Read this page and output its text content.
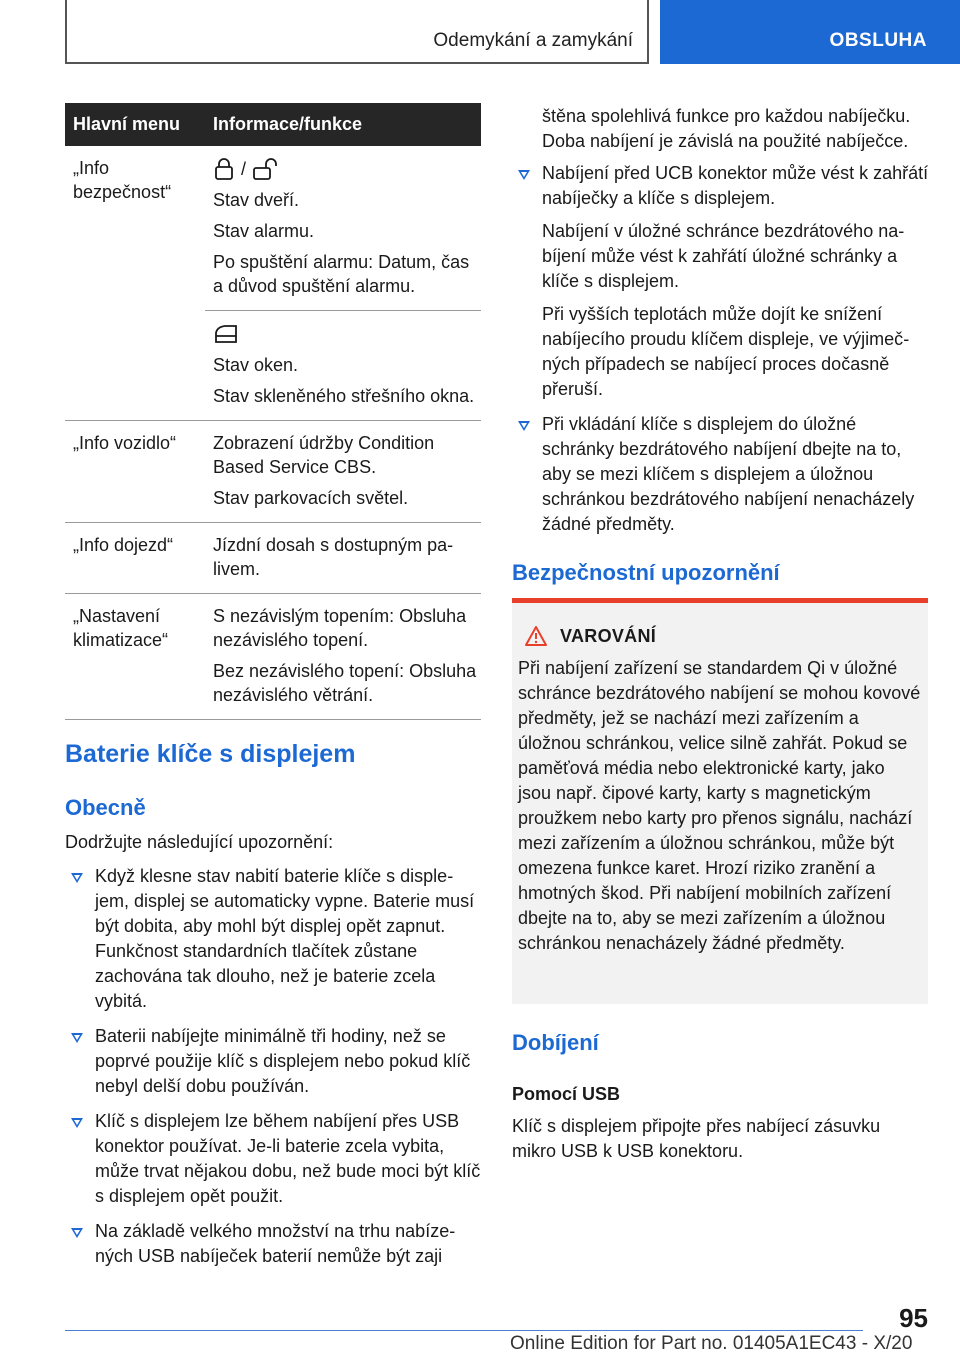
Odemykání a zamykání	OBSLUHA
Hlavní menu	Informace/funkce
„Info bezpečnost“	/

Stav dveří.

Stav alarmu.

Po spuštění alarmu: Datum, čas a důvod spuštění alarmu.

	Stav oken.

Stav skleněného střešního okna.

„Info vozidlo“	Zobrazení údržby Condition Based Service CBS.

Stav parkovacích světel.

„Info dojezd“	Jízdní dosah s dostupným palivem.

„Nastavení klimatizace“	S nezávislým topením: Obsluha nezávislého topení.

Bez nezávislého topení: Obsluha nezávislého větrání.

Baterie klíče s displejem
Obecně

Dodržujte následující upozornění:

Když klesne stav nabití baterie klíče s displejem, displej se automaticky vypne. Baterie musí být dobita, aby mohl být displej opět zapnut. Funkčnost standardních tlačítek zůstane zachována tak dlouho, než je baterie zcela vybitá.
Baterii nabíjejte minimálně tři hodiny, než se poprvé použije klíč s displejem nebo pokud klíč nebyl delší dobu používán.
Klíč s displejem lze během nabíjení přes USB konektor používat. Je-li baterie zcela vybita, může trvat nějakou dobu, než bude moci být klíč s displejem opět použit.
Na základě velkého množství na trhu nabízených USB nabíječek baterií nemůže být zaji

štěna spolehlivá funkce pro každou nabíječku. Doba nabíjení je závislá na použité nabíječce.

Nabíjení před UCB konektor může vést k zahřátí nabíječky a klíče s displejem.

Nabíjení v úložné schránce bezdrátového nabíjení může vést k zahřátí úložné schránky a klíče s displejem.

Při vyšších teplotách může dojít ke snížení nabíjecího proudu klíčem displeje, ve výjimečných případech se nabíjecí proces dočasně přeruší.

Při vkládání klíče s displejem do úložné schránky bezdrátového nabíjení dbejte na to, aby se mezi klíčem s displejem a úložnou schránkou bezdrátového nabíjení nenacházely žádné předměty.
Bezpečnostní upozornění
VAROVÁNÍ

Při nabíjení zařízení se standardem Qi v úložné schránce bezdrátového nabíjení se mohou kovové předměty, jež se nachází mezi zařízením a úložnou schránkou, velice silně zahřát. Pokud se paměťová média nebo elektronické karty, jako jsou např. čipové karty, karty s magnetickým proužkem nebo karty pro přenos signálu, nachází mezi zařízením a úložnou schránkou, může být omezena funkce karet. Hrozí riziko zranění a hmotných škod. Při nabíjení mobilních zařízení dbejte na to, aby se mezi zařízením a úložnou schránkou nenacházely žádné předměty.

Dobíjení

Pomocí USB

Klíč s displejem připojte přes nabíjecí zásuvku mikro USB k USB konektoru.

95
Online Edition for Part no. 01405A1EC43 - X/20
